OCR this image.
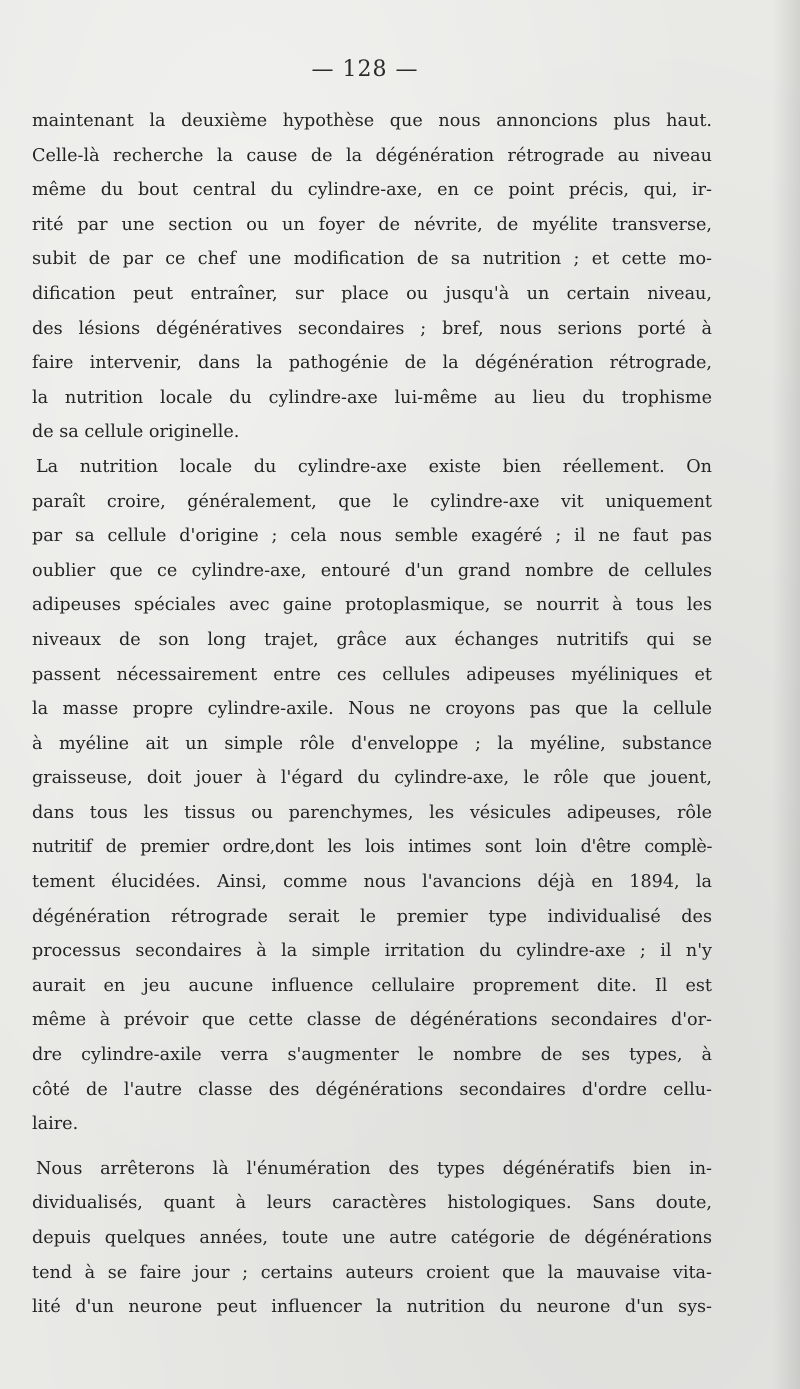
— 128 —
maintenant la deuxième hypothèse que nous annoncions plus haut.
Celle-là recherche la cause de la dégénération rétrograde au niveau
même du bout central du cylindre-axe, en ce point précis, qui, ir-
rité par une section ou un foyer de névrite, de myélite transverse,
subit de par ce chef une modification de sa nutrition ; et cette mo-
dification peut entraîner, sur place ou jusqu'à un certain niveau,
des lésions dégénératives secondaires ; bref, nous serions porté à
faire intervenir, dans la pathogénie de la dégénération rétrograde,
la nutrition locale du cylindre-axe lui-même au lieu du trophisme
de sa cellule originelle.
La nutrition locale du cylindre-axe existe bien réellement. On
paraît croire, généralement, que le cylindre-axe vit uniquement
par sa cellule d'origine ; cela nous semble exagéré ; il ne faut pas
oublier que ce cylindre-axe, entouré d'un grand nombre de cellules
adipeuses spéciales avec gaine protoplasmique, se nourrit à tous les
niveaux de son long trajet, grâce aux échanges nutritifs qui se
passent nécessairement entre ces cellules adipeuses myéliniques et
la masse propre cylindre-axile. Nous ne croyons pas que la cellule
à myéline ait un simple rôle d'enveloppe ; la myéline, substance
graisseuse, doit jouer à l'égard du cylindre-axe, le rôle que jouent,
dans tous les tissus ou parenchymes, les vésicules adipeuses, rôle
nutritif de premier ordre,dont les lois intimes sont loin d'être complè-
tement élucidées. Ainsi, comme nous l'avancions déjà en 1894, la
dégénération rétrograde serait le premier type individualisé des
processus secondaires à la simple irritation du cylindre-axe ; il n'y
aurait en jeu aucune influence cellulaire proprement dite. Il est
même à prévoir que cette classe de dégénérations secondaires d'or-
dre cylindre-axile verra s'augmenter le nombre de ses types, à
côté de l'autre classe des dégénérations secondaires d'ordre cellu-
laire.
Nous arrêterons là l'énumération des types dégénératifs bien in-
dividualisés, quant à leurs caractères histologiques. Sans doute,
depuis quelques années, toute une autre catégorie de dégénérations
tend à se faire jour ; certains auteurs croient que la mauvaise vita-
lité d'un neurone peut influencer la nutrition du neurone d'un sys-
